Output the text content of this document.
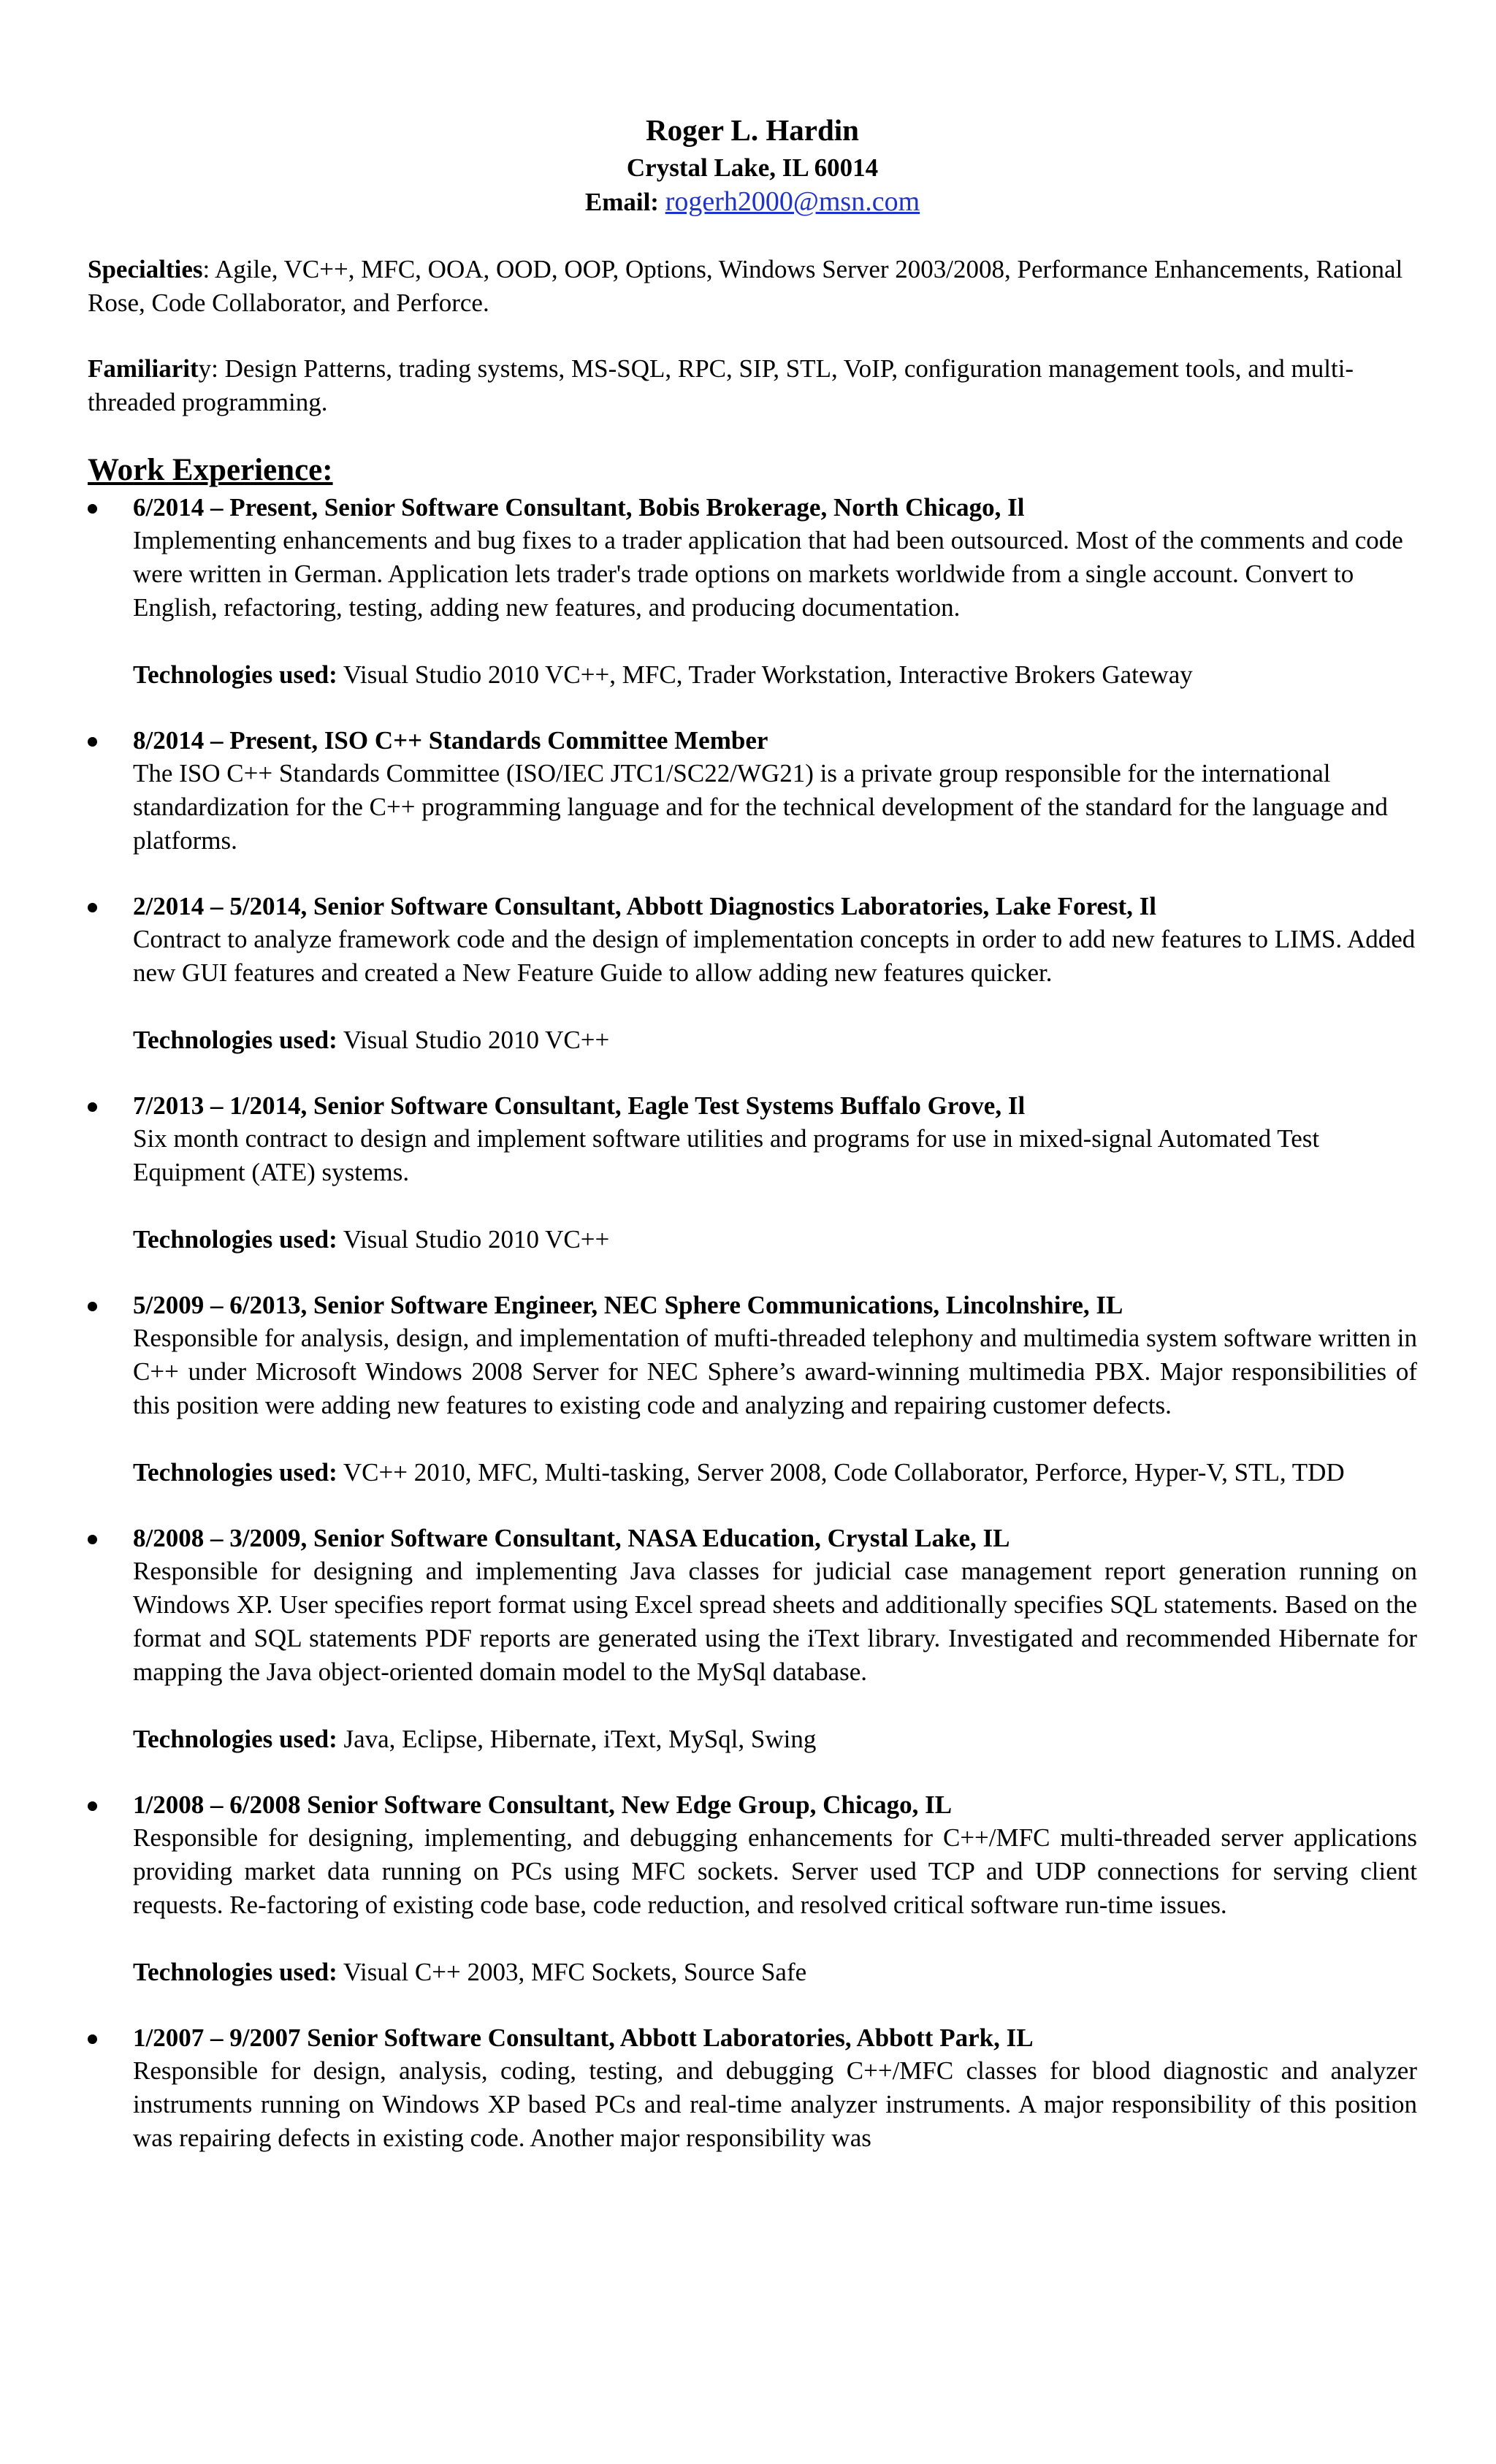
Roger L. Hardin
Crystal Lake, IL 60014
Email: rogerh2000@msn.com

Specialties: Agile, VC++, MFC, OOA, OOD, OOP, Options, Windows Server 2003/2008, Performance Enhancements, Rational Rose, Code Collaborator, and Perforce.

Familiarity: Design Patterns, trading systems, MS-SQL, RPC, SIP, STL, VoIP, configuration management tools, and multi-threaded programming.

Work Experience:
6/2014 – Present, Senior Software Consultant, Bobis Brokerage, North Chicago, Il
Implementing enhancements and bug fixes to a trader application that had been outsourced. Most of the comments and code were written in German. Application lets trader's trade options on markets worldwide from a single account. Convert to English, refactoring, testing, adding new features, and producing documentation.
Technologies used: Visual Studio 2010 VC++, MFC, Trader Workstation, Interactive Brokers Gateway
8/2014 – Present, ISO C++ Standards Committee Member
The ISO C++ Standards Committee (ISO/IEC JTC1/SC22/WG21) is a private group responsible for the international standardization for the C++ programming language and for the technical development of the standard for the language and platforms.
2/2014 – 5/2014, Senior Software Consultant, Abbott Diagnostics Laboratories, Lake Forest, Il
Contract to analyze framework code and the design of implementation concepts in order to add new features to LIMS. Added new GUI features and created a New Feature Guide to allow adding new features quicker.
Technologies used: Visual Studio 2010 VC++
7/2013 – 1/2014, Senior Software Consultant, Eagle Test Systems Buffalo Grove, Il
Six month contract to design and implement software utilities and programs for use in mixed-signal Automated Test Equipment (ATE) systems.
Technologies used: Visual Studio 2010 VC++
5/2009 – 6/2013, Senior Software Engineer, NEC Sphere Communications, Lincolnshire, IL
Responsible for analysis, design, and implementation of mufti-threaded telephony and multimedia system software written in C++ under Microsoft Windows 2008 Server for NEC Sphere’s award-winning multimedia PBX. Major responsibilities of this position were adding new features to existing code and analyzing and repairing customer defects.
Technologies used: VC++ 2010, MFC, Multi-tasking, Server 2008, Code Collaborator, Perforce, Hyper-V, STL, TDD
8/2008 – 3/2009, Senior Software Consultant, NASA Education, Crystal Lake, IL
Responsible for designing and implementing Java classes for judicial case management report generation running on Windows XP. User specifies report format using Excel spread sheets and additionally specifies SQL statements. Based on the format and SQL statements PDF reports are generated using the iText library. Investigated and recommended Hibernate for mapping the Java object-oriented domain model to the MySql database.
Technologies used: Java, Eclipse, Hibernate, iText, MySql, Swing
1/2008 – 6/2008 Senior Software Consultant, New Edge Group, Chicago, IL
Responsible for designing, implementing, and debugging enhancements for C++/MFC multi-threaded server applications providing market data running on PCs using MFC sockets. Server used TCP and UDP connections for serving client requests. Re-factoring of existing code base, code reduction, and resolved critical software run-time issues.
Technologies used: Visual C++ 2003, MFC Sockets, Source Safe
1/2007 – 9/2007 Senior Software Consultant, Abbott Laboratories, Abbott Park, IL
Responsible for design, analysis, coding, testing, and debugging C++/MFC classes for blood diagnostic and analyzer instruments running on Windows XP based PCs and real-time analyzer instruments. A major responsibility of this position was repairing defects in existing code. Another major responsibility was
